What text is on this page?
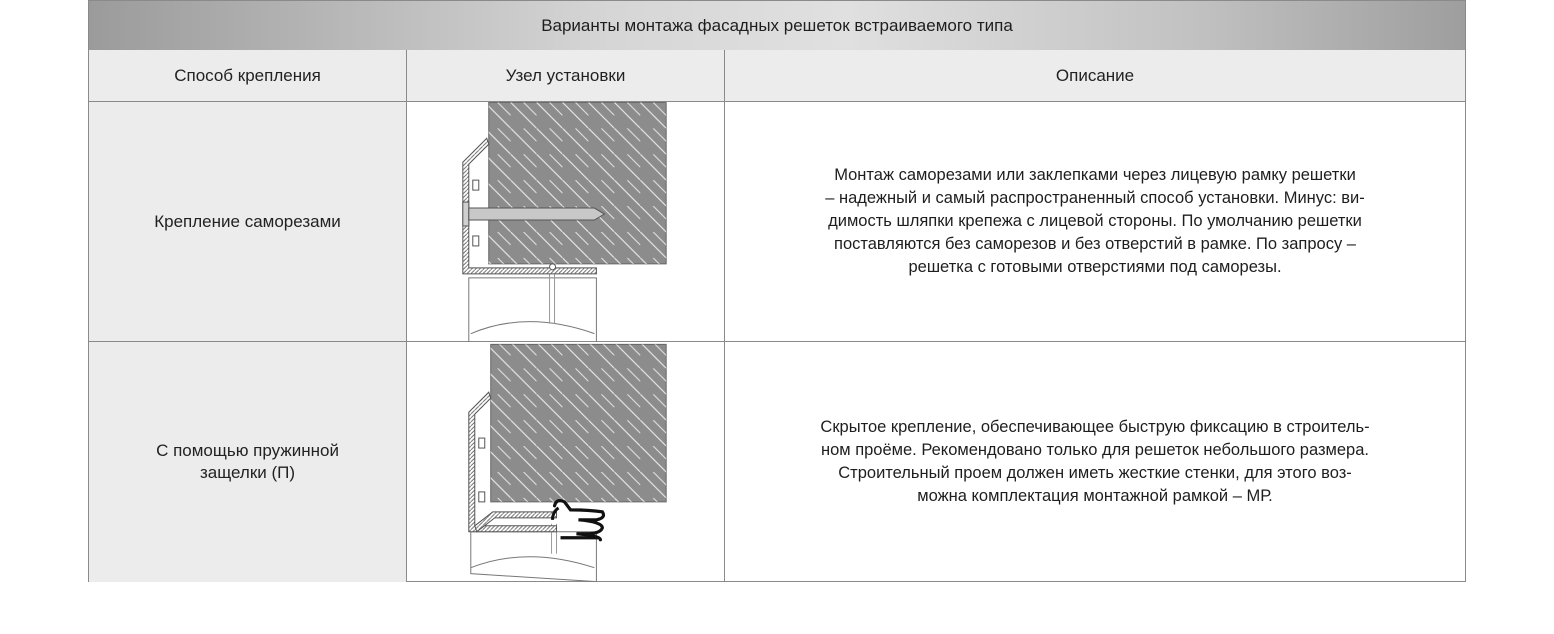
Варианты монтажа фасадных решеток встраиваемого типа
Способ крепления	Узел установки	Описание
Крепление саморезами
Монтаж саморезами или заклепками через лицевую рамку решетки
– надежный и самый распространенный способ установки. Минус: ви-
димость шляпки крепежа с лицевой стороны. По умолчанию решетки
поставляются без саморезов и без отверстий в рамке. По запросу –
решетка с готовыми отверстиями под саморезы.
С помощью пружинной
защелки (П)
Скрытое крепление, обеспечивающее быструю фиксацию в строитель-
ном проёме. Рекомендовано только для решеток небольшого размера.
Строительный проем должен иметь жесткие стенки, для этого воз-
можна комплектация монтажной рамкой – МР.
